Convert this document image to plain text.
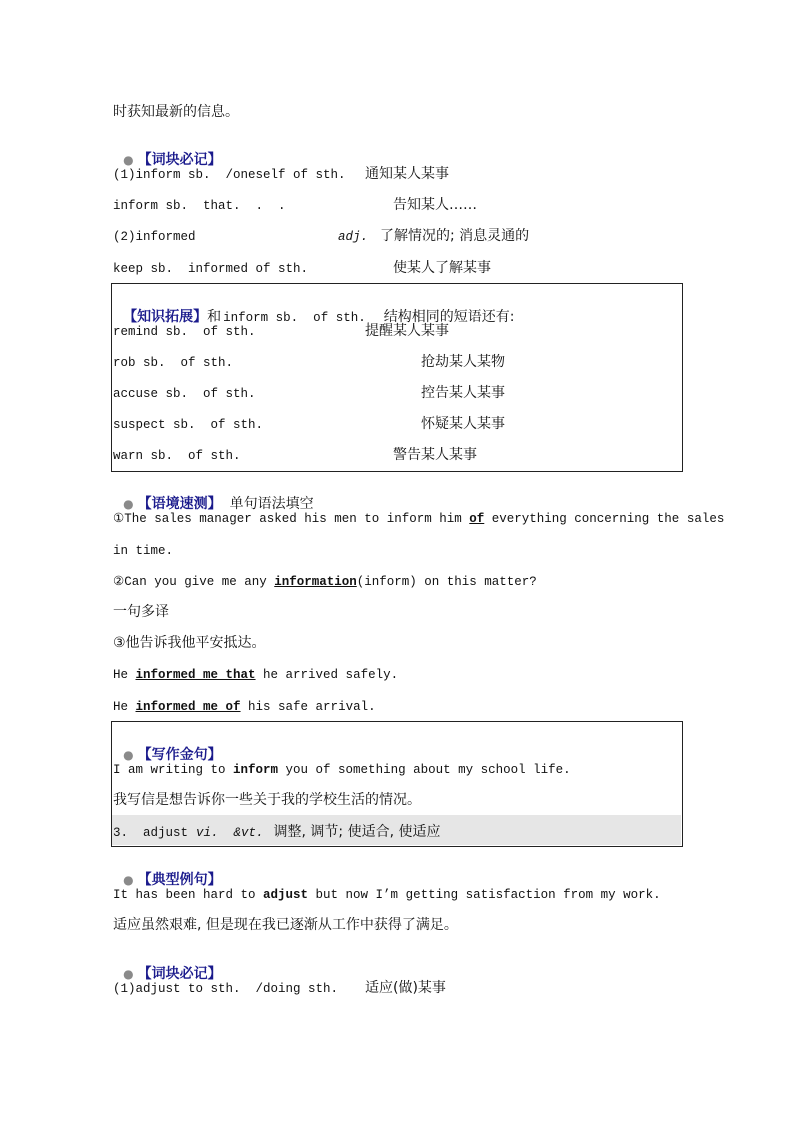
时获知最新的信息。

● 【词块必记】

(1)inform sb.  /oneself of sth. 通知某人某事
inform sb.  that.  .  .	告知某人……
(2)informed	adj. 了解情况的; 消息灵通的
keep sb.  informed of sth.	使某人了解某事

【知识拓展】和 inform sb.  of sth. 结构相同的短语还有:

remind sb.  of sth.	提醒某人某事
rob sb.  of sth.	抢劫某人某物
accuse sb.  of sth.	控告某人某事
suspect sb.  of sth.	怀疑某人某事
warn sb.  of sth.	警告某人某事

● 【语境速测】 单句语法填空

①The sales manager asked his men to inform him of everything concerning the sales
in time.
②Can you give me any information(inform) on this matter?
一句多译
③他告诉我他平安抵达。
He informed me that he arrived safely.
He informed me of his safe arrival.

● 【写作金句】

I am writing to inform you of something about my school life.
我写信是想告诉你一些关于我的学校生活的情况。
3.  adjust vi.  &vt. 调整, 调节; 使适合, 使适应

● 【典型例句】

It has been hard to adjust but now I’m getting satisfaction from my work.
适应虽然艰难, 但是现在我已逐渐从工作中获得了满足。

● 【词块必记】

(1)adjust to sth.  /doing sth. 适应(做)某事
